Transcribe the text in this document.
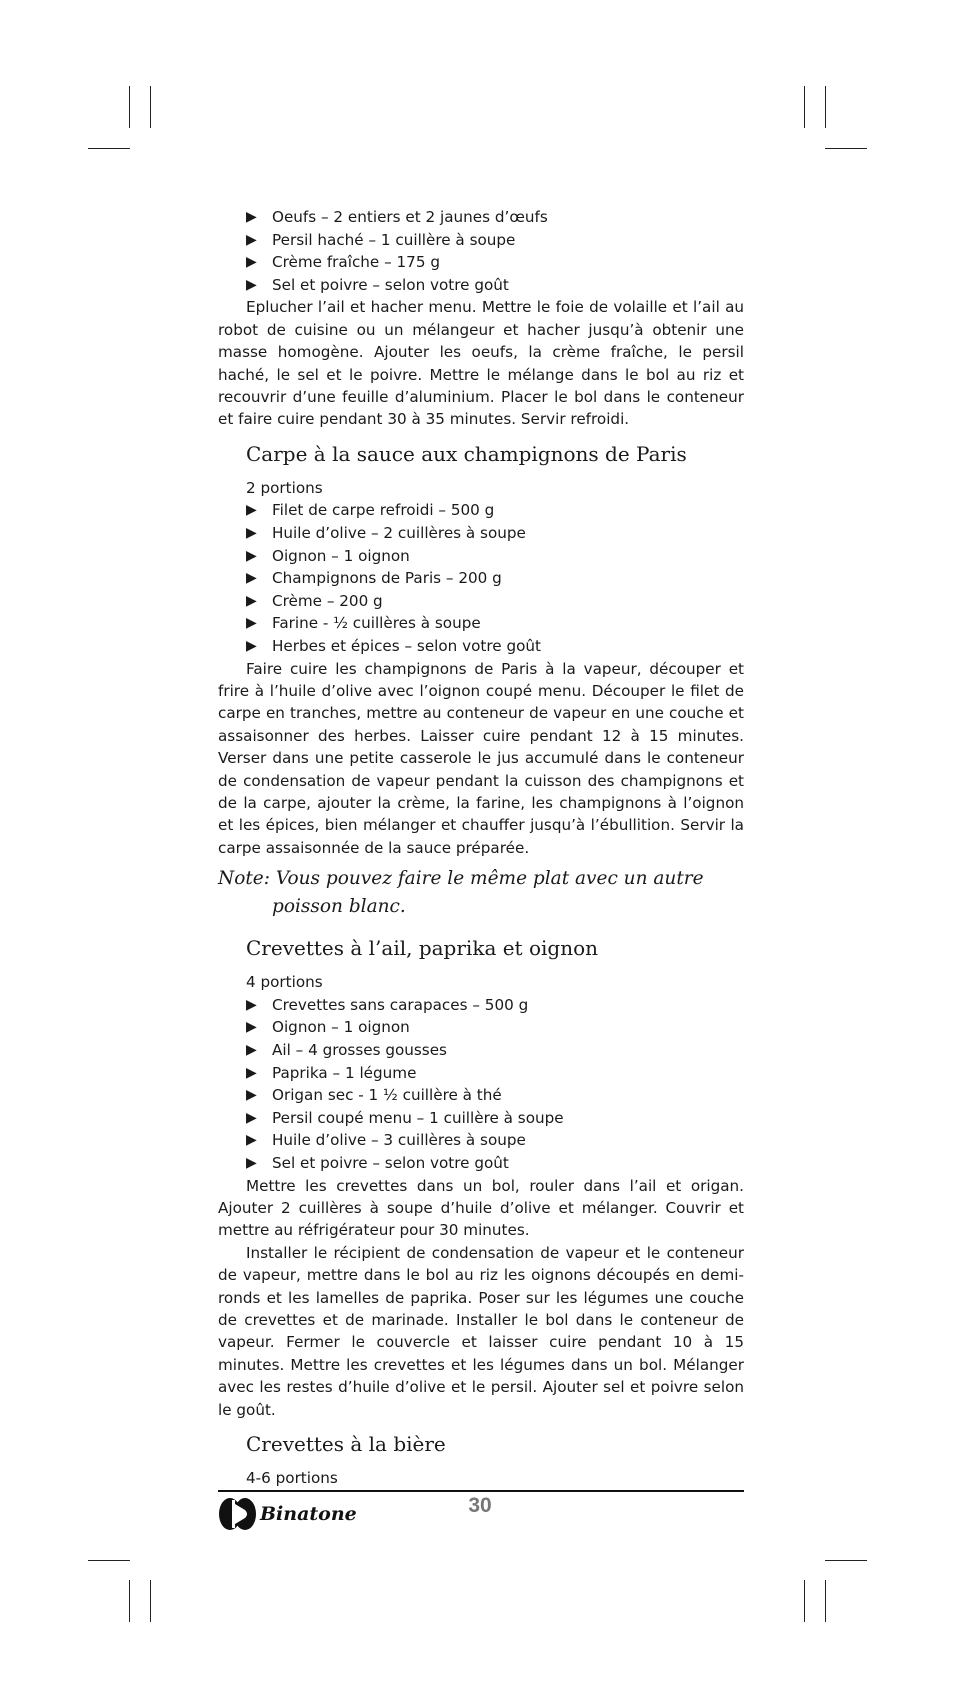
▶ Oeufs – 2 entiers et 2 jaunes d’œufs
▶ Persil haché – 1 cuillère à soupe
▶ Crème fraîche – 175 g
▶ Sel et poivre – selon votre goût

Eplucher l’ail et hacher menu. Mettre le foie de volaille et l’ail au robot de cuisine ou un mélangeur et hacher jusqu’à obtenir une masse homogène. Ajouter les oeufs, la crème fraîche, le persil haché, le sel et le poivre. Mettre le mélange dans le bol au riz et recouvrir d’une feuille d’aluminium. Placer le bol dans le conteneur et faire cuire pendant 30 à 35 minutes. Servir refroidi.

Carpe à la sauce aux champignons de Paris
2 portions
▶ Filet de carpe refroidi – 500 g
▶ Huile d’olive – 2 cuillères à soupe
▶ Oignon – 1 oignon
▶ Champignons de Paris – 200 g
▶ Crème – 200 g
▶ Farine - ½ cuillères à soupe
▶ Herbes et épices – selon votre goût

Faire cuire les champignons de Paris à la vapeur, découper et frire à l’huile d’olive avec l’oignon coupé menu. Découper le filet de carpe en tranches, mettre au conteneur de vapeur en une couche et assaisonner des herbes. Laisser cuire pendant 12 à 15 minutes. Verser dans une petite casserole le jus accumulé dans le conteneur de condensation de vapeur pendant la cuisson des champignons et de la carpe, ajouter la crème, la farine, les champignons à l’oignon et les épices, bien mélanger et chauffer jusqu’à l’ébullition. Servir la carpe assaisonnée de la sauce préparée.

Note: Vous pouvez faire le même plat avec un autre
poisson blanc.
Crevettes à l’ail, paprika et oignon
4 portions
▶ Crevettes sans carapaces – 500 g
▶ Oignon – 1 oignon
▶ Ail – 4 grosses gousses
▶ Paprika – 1 légume
▶ Origan sec - 1 ½ cuillère à thé
▶ Persil coupé menu – 1 cuillère à soupe
▶ Huile d’olive – 3 cuillères à soupe
▶ Sel et poivre – selon votre goût

Mettre les crevettes dans un bol, rouler dans l’ail et origan. Ajouter 2 cuillères à soupe d’huile d’olive et mélanger. Couvrir et mettre au réfrigérateur pour 30 minutes.

Installer le récipient de condensation de vapeur et le conteneur de vapeur, mettre dans le bol au riz les oignons découpés en demi-ronds et les lamelles de paprika. Poser sur les légumes une couche de crevettes et de marinade. Installer le bol dans le conteneur de vapeur. Fermer le couvercle et laisser cuire pendant 10 à 15 minutes. Mettre les crevettes et les légumes dans un bol. Mélanger avec les restes d’huile d’olive et le persil. Ajouter sel et poivre selon le goût.

Crevettes à la bière
4-6 portions
Binatone	30
